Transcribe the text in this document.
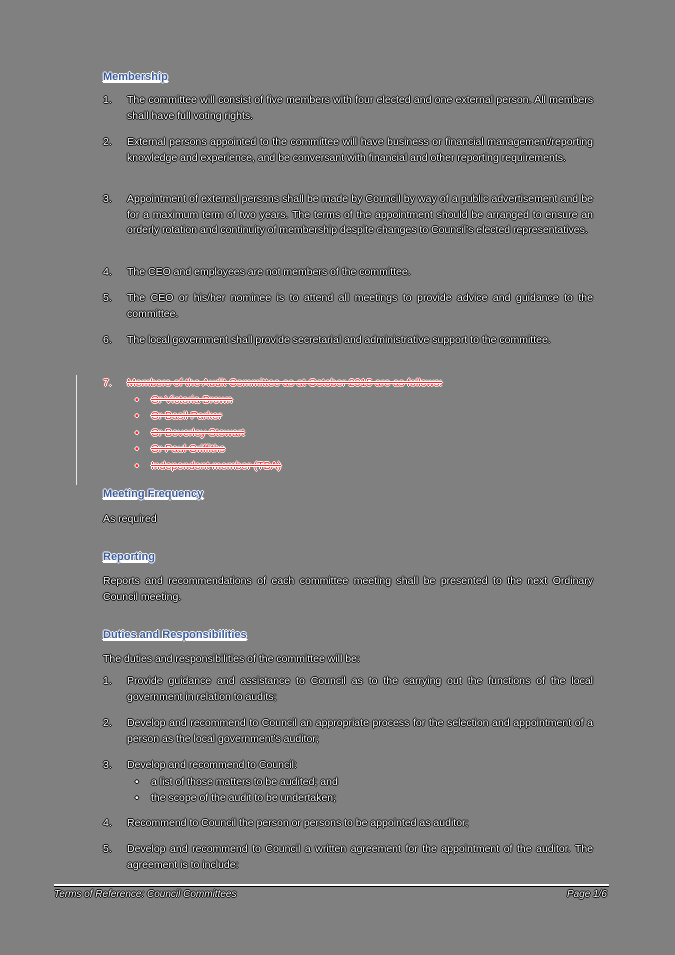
Membership
1. The committee will consist of five members with four elected and one external person. All members shall have full voting rights.
2. External persons appointed to the committee will have business or financial management/reporting knowledge and experience, and be conversant with financial and other reporting requirements.
3. Appointment of external persons shall be made by Council by way of a public advertisement and be for a maximum term of two years. The terms of the appointment should be arranged to ensure an orderly rotation and continuity of membership despite changes to Council's elected representatives.
4. The CEO and employees are not members of the committee.
5. The CEO or his/her nominee is to attend all meetings to provide advice and guidance to the committee.
6. The local government shall provide secretarial and administrative support to the committee.
7. Members of the Audit Committee as at October 2015 are as follows:
• Cr Victoria Brown
• Cr Basil Parker
• Cr Beverley Stewart
• Cr Paul Griffiths
• Independent member (TBA)
Meeting Frequency
As required
Reporting
Reports and recommendations of each committee meeting shall be presented to the next Ordinary Council meeting.
Duties and Responsibilities
The duties and responsibilities of the committee will be:
1. Provide guidance and assistance to Council as to the carrying out the functions of the local government in relation to audits;
2. Develop and recommend to Council an appropriate process for the selection and appointment of a person as the local government's auditor;
3. Develop and recommend to Council:
• a list of those matters to be audited; and
• the scope of the audit to be undertaken;
4. Recommend to Council the person or persons to be appointed as auditor;
5. Develop and recommend to Council a written agreement for the appointment of the auditor. The agreement is to include:
Terms of Reference: Council Committees	Page 1/6
